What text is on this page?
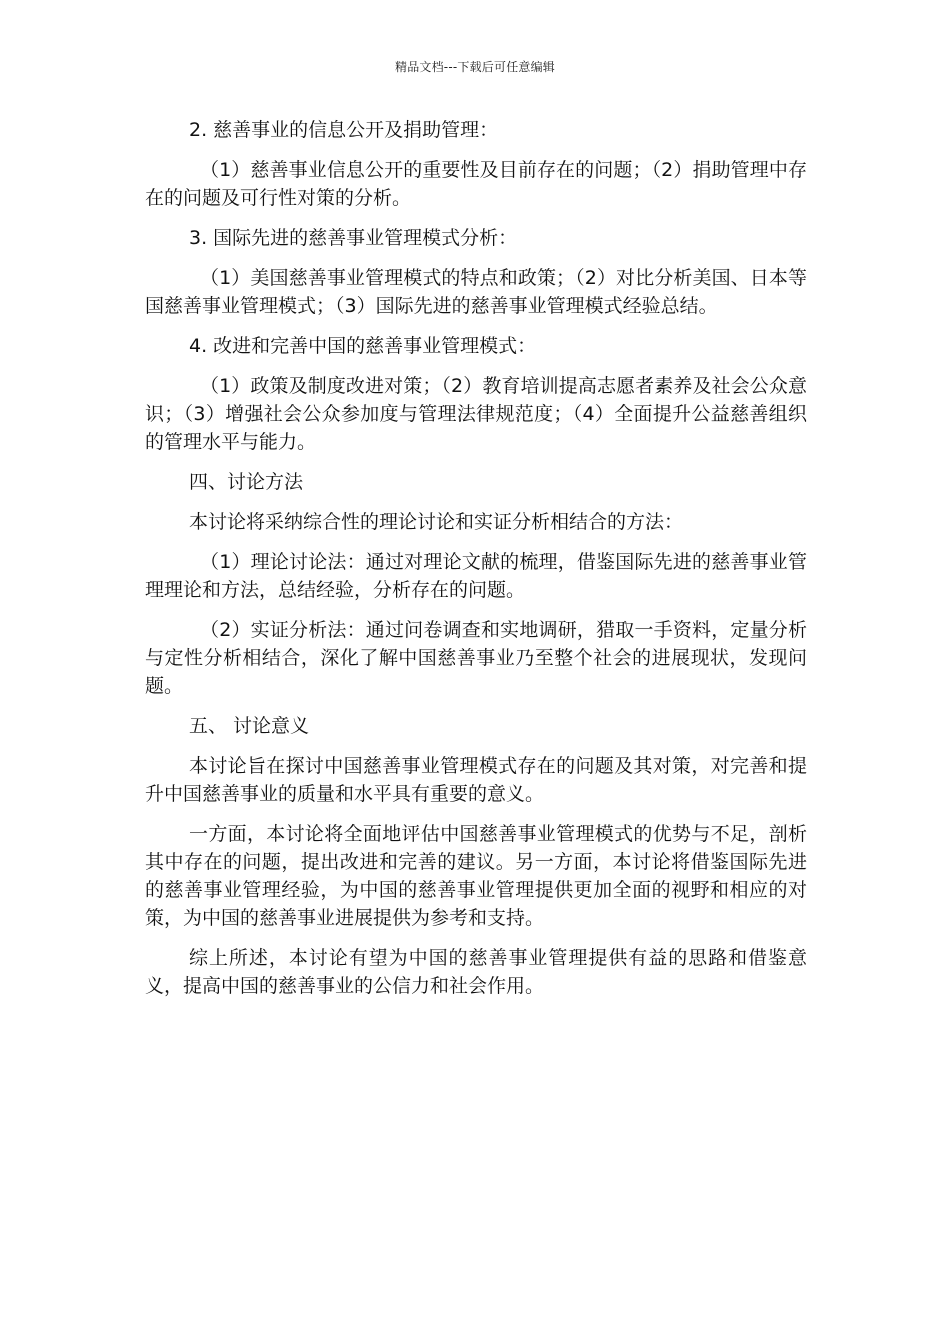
精品文档---下载后可任意编辑

2. 慈善事业的信息公开及捐助管理：

（1）慈善事业信息公开的重要性及目前存在的问题；（2）捐助管理中存在的问题及可行性对策的分析。

3. 国际先进的慈善事业管理模式分析：

（1）美国慈善事业管理模式的特点和政策；（2）对比分析美国、日本等国慈善事业管理模式；（3）国际先进的慈善事业管理模式经验总结。

4. 改进和完善中国的慈善事业管理模式：

（1）政策及制度改进对策；（2）教育培训提高志愿者素养及社会公众意识；（3）增强社会公众参加度与管理法律规范度；（4）全面提升公益慈善组织的管理水平与能力。

四、讨论方法

本讨论将采纳综合性的理论讨论和实证分析相结合的方法：

（1）理论讨论法：通过对理论文献的梳理，借鉴国际先进的慈善事业管理理论和方法，总结经验，分析存在的问题。

（2）实证分析法：通过问卷调查和实地调研，猎取一手资料，定量分析与定性分析相结合，深化了解中国慈善事业乃至整个社会的进展现状，发现问题。

五、 讨论意义

本讨论旨在探讨中国慈善事业管理模式存在的问题及其对策，对完善和提升中国慈善事业的质量和水平具有重要的意义。

一方面，本讨论将全面地评估中国慈善事业管理模式的优势与不足，剖析其中存在的问题，提出改进和完善的建议。另一方面，本讨论将借鉴国际先进的慈善事业管理经验，为中国的慈善事业管理提供更加全面的视野和相应的对策，为中国的慈善事业进展提供为参考和支持。

综上所述，本讨论有望为中国的慈善事业管理提供有益的思路和借鉴意义，提高中国的慈善事业的公信力和社会作用。
